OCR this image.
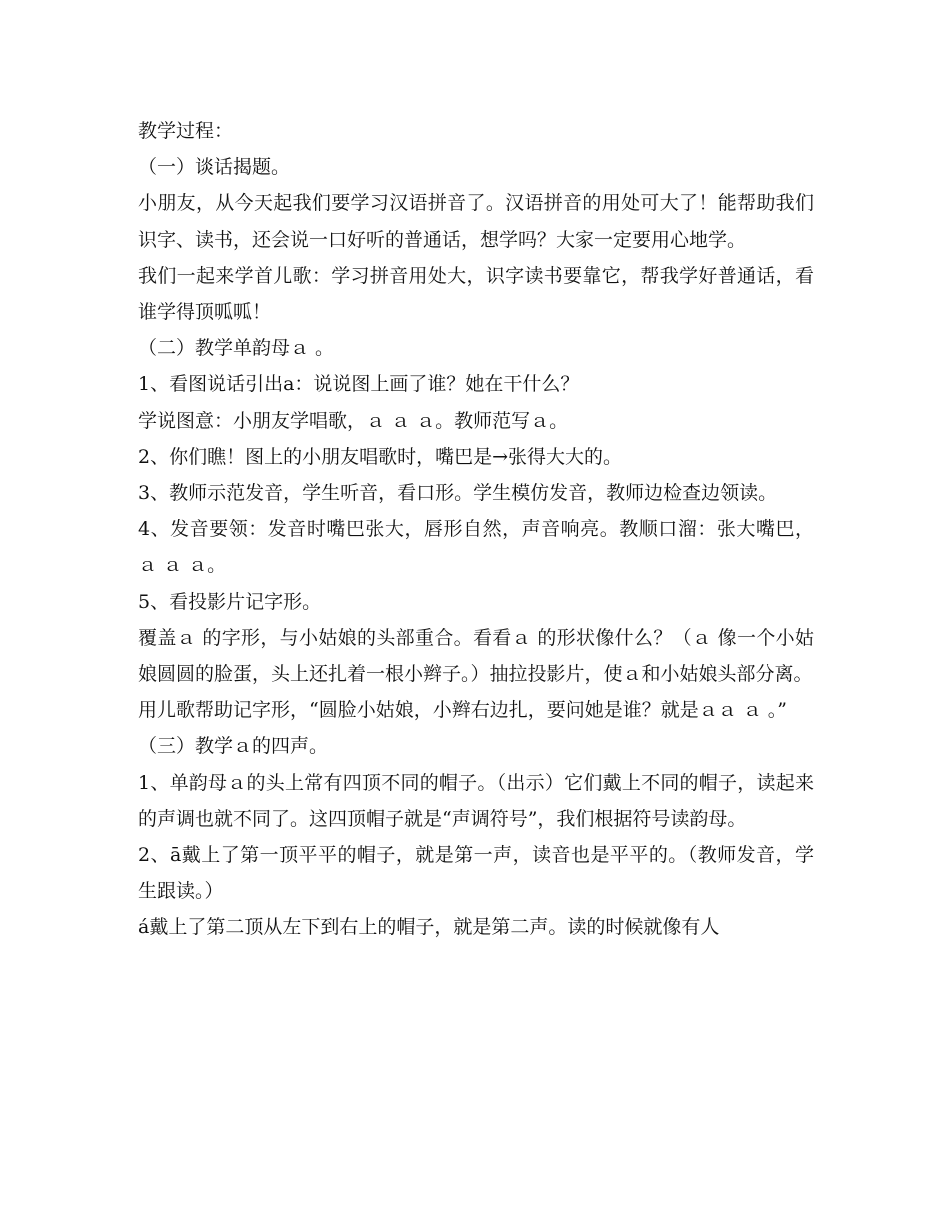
教学过程：

（一）谈话揭题。

小朋友，从今天起我们要学习汉语拼音了。汉语拼音的用处可大了！能帮助我们识字、读书，还会说一口好听的普通话，想学吗？大家一定要用心地学。

我们一起来学首儿歌：学习拼音用处大，识字读书要靠它，帮我学好普通话，看谁学得顶呱呱！

（二）教学单韵母ａ 。

1、看图说话引出a：说说图上画了谁？她在干什么？

学说图意：小朋友学唱歌，ａ ａ ａ。教师范写ａ。

2、你们瞧！图上的小朋友唱歌时，嘴巴是→张得大大的。

3、教师示范发音，学生听音，看口形。学生模仿发音，教师边检查边领读。

4、发音要领：发音时嘴巴张大，唇形自然，声音响亮。教顺口溜：张大嘴巴，ａ ａ ａ。

5、看投影片记字形。

覆盖ａ 的字形，与小姑娘的头部重合。看看ａ 的形状像什么？（ａ 像一个小姑娘圆圆的脸蛋，头上还扎着一根小辫子。）抽拉投影片，使ａ和小姑娘头部分离。

用儿歌帮助记字形，“圆脸小姑娘，小辫右边扎，要问她是谁？就是ａａ ａ 。”

（三）教学ａ的四声。

1、单韵母ａ的头上常有四顶不同的帽子。（出示）它们戴上不同的帽子，读起来的声调也就不同了。这四顶帽子就是“声调符号”，我们根据符号读韵母。

2、ā戴上了第一顶平平的帽子，就是第一声，读音也是平平的。（教师发音，学生跟读。）

á戴上了第二顶从左下到右上的帽子，就是第二声。读的时候就像有人
